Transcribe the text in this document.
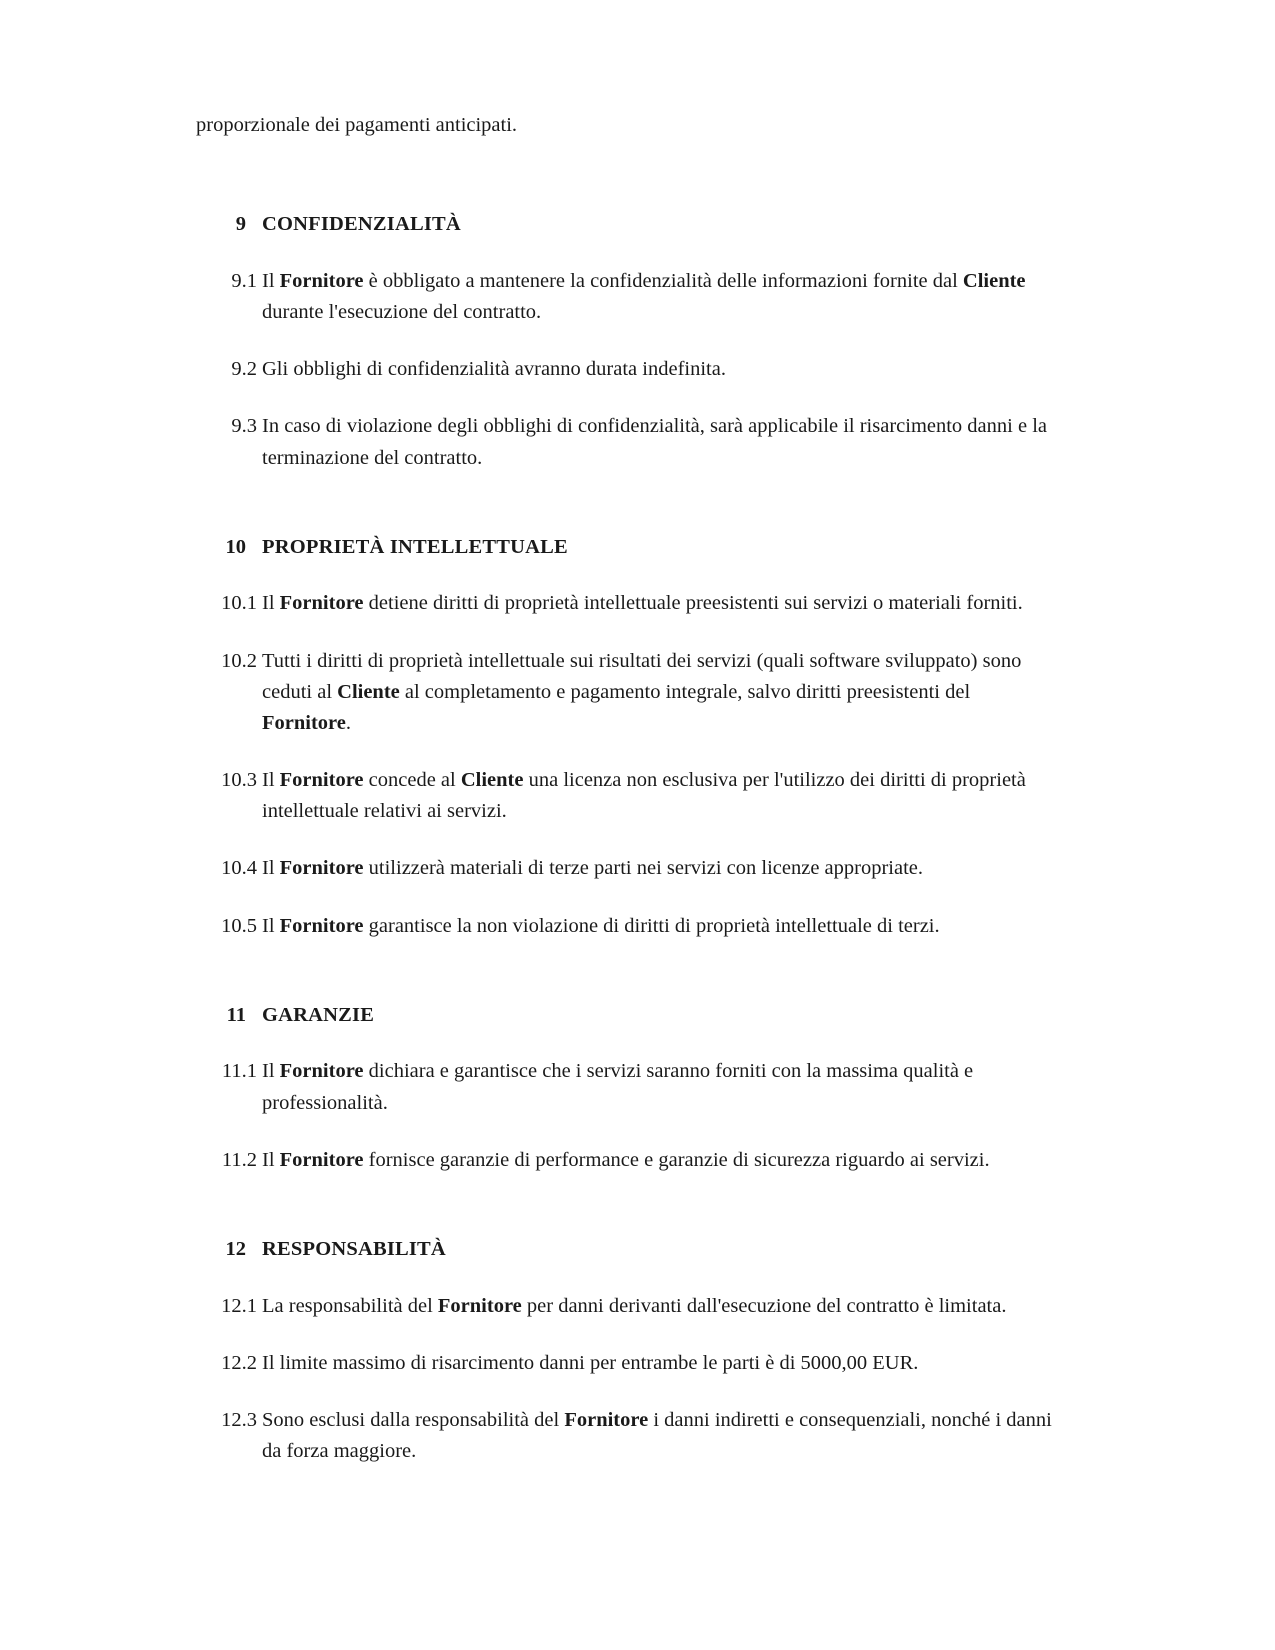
proporzionale dei pagamenti anticipati.

9 CONFIDENZIALITÀ
9.1 Il Fornitore è obbligato a mantenere la confidenzialità delle informazioni fornite dal Cliente durante l'esecuzione del contratto.
9.2 Gli obblighi di confidenzialità avranno durata indefinita.
9.3 In caso di violazione degli obblighi di confidenzialità, sarà applicabile il risarcimento danni e la terminazione del contratto.
10 PROPRIETÀ INTELLETTUALE
10.1 Il Fornitore detiene diritti di proprietà intellettuale preesistenti sui servizi o materiali forniti.
10.2 Tutti i diritti di proprietà intellettuale sui risultati dei servizi (quali software sviluppato) sono ceduti al Cliente al completamento e pagamento integrale, salvo diritti preesistenti del Fornitore.
10.3 Il Fornitore concede al Cliente una licenza non esclusiva per l'utilizzo dei diritti di proprietà intellettuale relativi ai servizi.
10.4 Il Fornitore utilizzerà materiali di terze parti nei servizi con licenze appropriate.
10.5 Il Fornitore garantisce la non violazione di diritti di proprietà intellettuale di terzi.
11 GARANZIE
11.1 Il Fornitore dichiara e garantisce che i servizi saranno forniti con la massima qualità e professionalità.
11.2 Il Fornitore fornisce garanzie di performance e garanzie di sicurezza riguardo ai servizi.
12 RESPONSABILITÀ
12.1 La responsabilità del Fornitore per danni derivanti dall'esecuzione del contratto è limitata.
12.2 Il limite massimo di risarcimento danni per entrambe le parti è di 5000,00 EUR.
12.3 Sono esclusi dalla responsabilità del Fornitore i danni indiretti e consequenziali, nonché i danni da forza maggiore.
